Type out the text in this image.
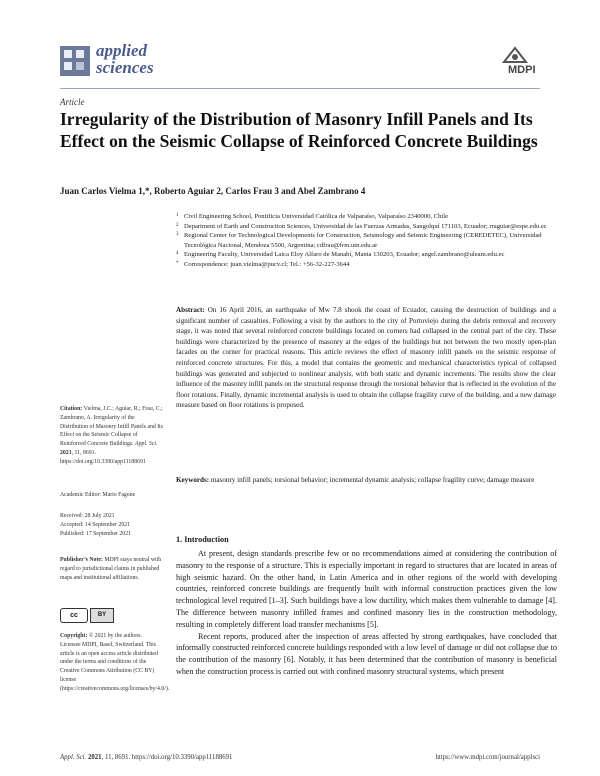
applied
sciences	MDPI
Article
Irregularity of the Distribution of Masonry Infill Panels and Its Effect on the Seismic Collapse of Reinforced Concrete Buildings
Juan Carlos Vielma 1,*, Roberto Aguiar 2, Carlos Frau 3 and Abel Zambrano 4
1 Civil Engineering School, Pontificia Universidad Católica de Valparaíso, Valparaíso 2340000, Chile
2 Department of Earth and Construction Sciences, Universidad de las Fuerzas Armadas, Sangolquí 171103, Ecuador; rraguiar@espe.edu.ec
3 Regional Center for Technological Developments for Construction, Seismology and Seismic Engineering (CEREDETEC), Universidad Tecnológica Nacional, Mendoza 5500, Argentina; cdfrau@frm.utn.edu.ar
4 Engineering Faculty, Universidad Laica Eloy Alfaro de Manabí, Manta 130203, Ecuador; angel.zambrano@uleam.edu.ec
* Correspondence: juan.vielma@pucv.cl; Tel.: +56-32-227-3644
Abstract: On 16 April 2016, an earthquake of Mw 7.8 shook the coast of Ecuador, causing the destruction of buildings and a significant number of casualties. Following a visit by the authors to the city of Portoviejo during the debris removal and recovery stage, it was noted that several reinforced concrete buildings located on corners had collapsed in the central part of the city. These buildings were characterized by the presence of masonry at the edges of the buildings but not between the two mostly open-plan facades on the corner for practical reasons. This article reviews the effect of masonry infill panels on the seismic response of reinforced concrete structures. For this, a model that contains the geometric and mechanical characteristics typical of collapsed buildings was generated and subjected to nonlinear analysis, with both static and dynamic increments. The results show the clear influence of the masonry infill panels on the structural response through the torsional behavior that is reflected in the evolution of the floor rotations. Finally, dynamic incremental analysis is used to obtain the collapse fragility curve of the building, and a new damage measure based on floor rotations is proposed.
Keywords: masonry infill panels; torsional behavior; incremental dynamic analysis; collapse fragility curve; damage measure
1. Introduction

At present, design standards prescribe few or no recommendations aimed at considering the contribution of masonry to the response of a structure. This is especially important in regard to structures that are located in areas of high seismic hazard. On the other hand, in Latin America and in other regions of the world with developing countries, reinforced concrete buildings are frequently built with informal construction practices given the low technological level required [1–3]. Such buildings have a low ductility, which makes them vulnerable to damage [4]. The difference between masonry infilled frames and confined masonry lies in the construction methodology, resulting in completely different load transfer mechanisms [5].

Recent reports, produced after the inspection of areas affected by strong earthquakes, have concluded that informally constructed reinforced concrete buildings responded with a low level of damage or did not collapse due to the contribution of the masonry [6]. Notably, it has been determined that the contribution of masonry is beneficial when the construction process is carried out with confined masonry structural systems, which present

Citation: Vielma, J.C.; Aguiar, R.; Frau, C.; Zambrano, A. Irregularity of the Distribution of Masonry Infill Panels and Its Effect on the Seismic Collapse of Reinforced Concrete Buildings. Appl. Sci. 2021, 11, 8691. https://doi.org/10.3390/app11188691
Academic Editor: Mario Fagone
Received: 28 July 2021
Accepted: 14 September 2021
Published: 17 September 2021
Publisher’s Note: MDPI stays neutral with regard to jurisdictional claims in published maps and institutional affiliations.
cc	BY
Copyright: © 2021 by the authors. Licensee MDPI, Basel, Switzerland. This article is an open access article distributed under the terms and conditions of the Creative Commons Attribution (CC BY) license (https://creativecommons.org/licenses/by/4.0/).
Appl. Sci. 2021, 11, 8691. https://doi.org/10.3390/app11188691	https://www.mdpi.com/journal/applsci
